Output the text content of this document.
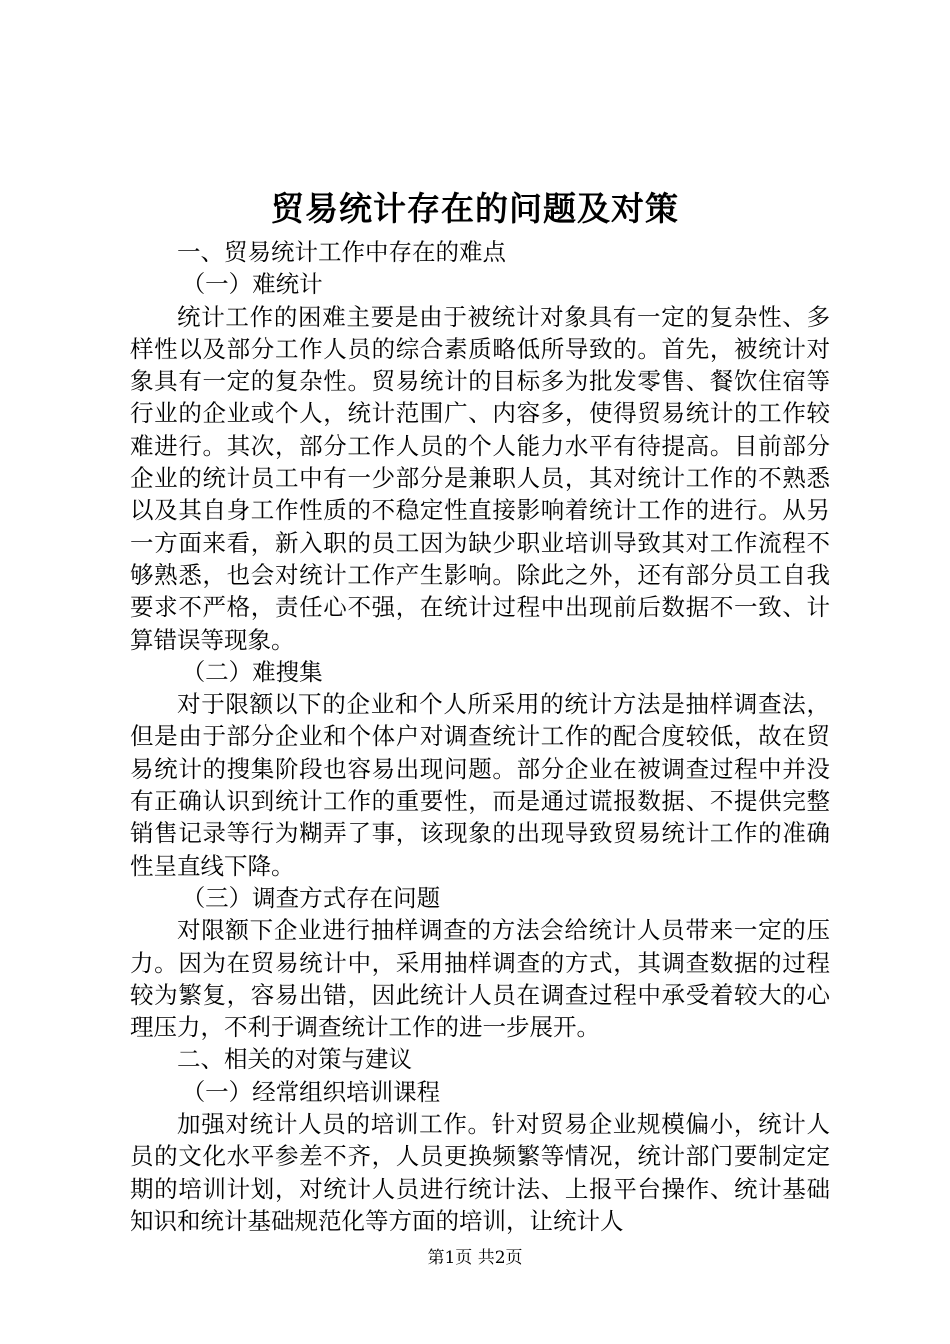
贸易统计存在的问题及对策

一、贸易统计工作中存在的难点

（一）难统计

统计工作的困难主要是由于被统计对象具有一定的复杂性、多样性以及部分工作人员的综合素质略低所导致的。首先，被统计对象具有一定的复杂性。贸易统计的目标多为批发零售、餐饮住宿等行业的企业或个人，统计范围广、内容多，使得贸易统计的工作较难进行。其次，部分工作人员的个人能力水平有待提高。目前部分企业的统计员工中有一少部分是兼职人员，其对统计工作的不熟悉以及其自身工作性质的不稳定性直接影响着统计工作的进行。从另一方面来看，新入职的员工因为缺少职业培训导致其对工作流程不够熟悉，也会对统计工作产生影响。除此之外，还有部分员工自我要求不严格，责任心不强，在统计过程中出现前后数据不一致、计算错误等现象。

（二）难搜集

对于限额以下的企业和个人所采用的统计方法是抽样调查法，但是由于部分企业和个体户对调查统计工作的配合度较低，故在贸易统计的搜集阶段也容易出现问题。部分企业在被调查过程中并没有正确认识到统计工作的重要性，而是通过谎报数据、不提供完整销售记录等行为糊弄了事，该现象的出现导致贸易统计工作的准确性呈直线下降。

（三）调查方式存在问题

对限额下企业进行抽样调查的方法会给统计人员带来一定的压力。因为在贸易统计中，采用抽样调查的方式，其调查数据的过程较为繁复，容易出错，因此统计人员在调查过程中承受着较大的心理压力，不利于调查统计工作的进一步展开。

二、相关的对策与建议

（一）经常组织培训课程

加强对统计人员的培训工作。针对贸易企业规模偏小，统计人员的文化水平参差不齐，人员更换频繁等情况，统计部门要制定定期的培训计划，对统计人员进行统计法、上报平台操作、统计基础知识和统计基础规范化等方面的培训，让统计人

第1页 共2页
